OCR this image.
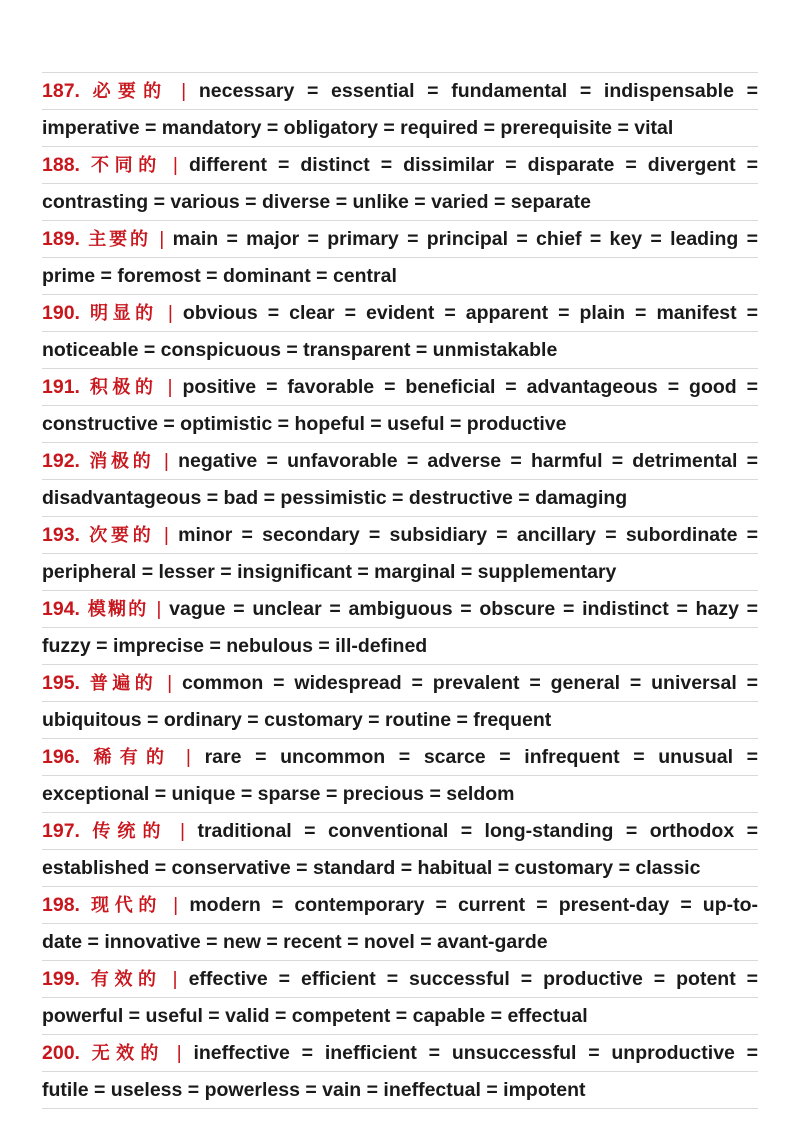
187. 必要的 | necessary = essential = fundamental = indispensable =
imperative = mandatory = obligatory = required = prerequisite = vital
188. 不同的 | different = distinct = dissimilar = disparate = divergent =
contrasting = various = diverse = unlike = varied = separate
189. 主要的 | main = major = primary = principal = chief = key = leading =
prime = foremost = dominant = central
190. 明显的 | obvious = clear = evident = apparent = plain = manifest =
noticeable = conspicuous = transparent = unmistakable
191. 积极的 | positive = favorable = beneficial = advantageous = good =
constructive = optimistic = hopeful = useful = productive
192. 消极的 | negative = unfavorable = adverse = harmful = detrimental =
disadvantageous = bad = pessimistic = destructive = damaging
193. 次要的 | minor = secondary = subsidiary = ancillary = subordinate =
peripheral = lesser = insignificant = marginal = supplementary
194. 模糊的 | vague = unclear = ambiguous = obscure = indistinct = hazy =
fuzzy = imprecise = nebulous = ill-defined
195. 普遍的 | common = widespread = prevalent = general = universal =
ubiquitous = ordinary = customary = routine = frequent
196. 稀有的 | rare = uncommon = scarce = infrequent = unusual =
exceptional = unique = sparse = precious = seldom
197. 传统的 | traditional = conventional = long-standing = orthodox =
established = conservative = standard = habitual = customary = classic
198. 现代的 | modern = contemporary = current = present-day = up-to-
date = innovative = new = recent = novel = avant-garde
199. 有效的 | effective = efficient = successful = productive = potent =
powerful = useful = valid = competent = capable = effectual
200. 无效的 | ineffective = inefficient = unsuccessful = unproductive =
futile = useless = powerless = vain = ineffectual = impotent
